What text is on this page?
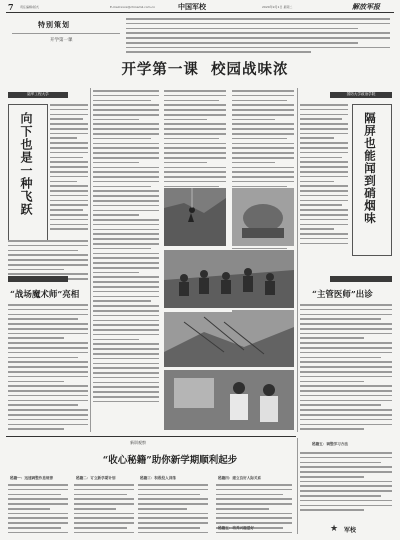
7 责任编辑/版式	E-mail:xxxx@chinamil.com.cn	中国军校	2020年9月1日 星期二	解放军报
特别策划
开学第一课
开学第一课  校园战味浓
陆军工程大学
向下也是一种飞跃
“战场魔术师”亮相
国防大学政治学院
隔屏也能闻到硝烟味
“主管医师”出诊
新训观察
“收心秘籍”助你新学期顺利起步
秘籍一：迅速调整作息规律	秘籍二：订立新学期计划	秘籍三：积极投入训练	秘籍四：建立良好人际关系
秘籍五：培养兴趣爱好
秘籍五：调整学习方法
★ 军校
